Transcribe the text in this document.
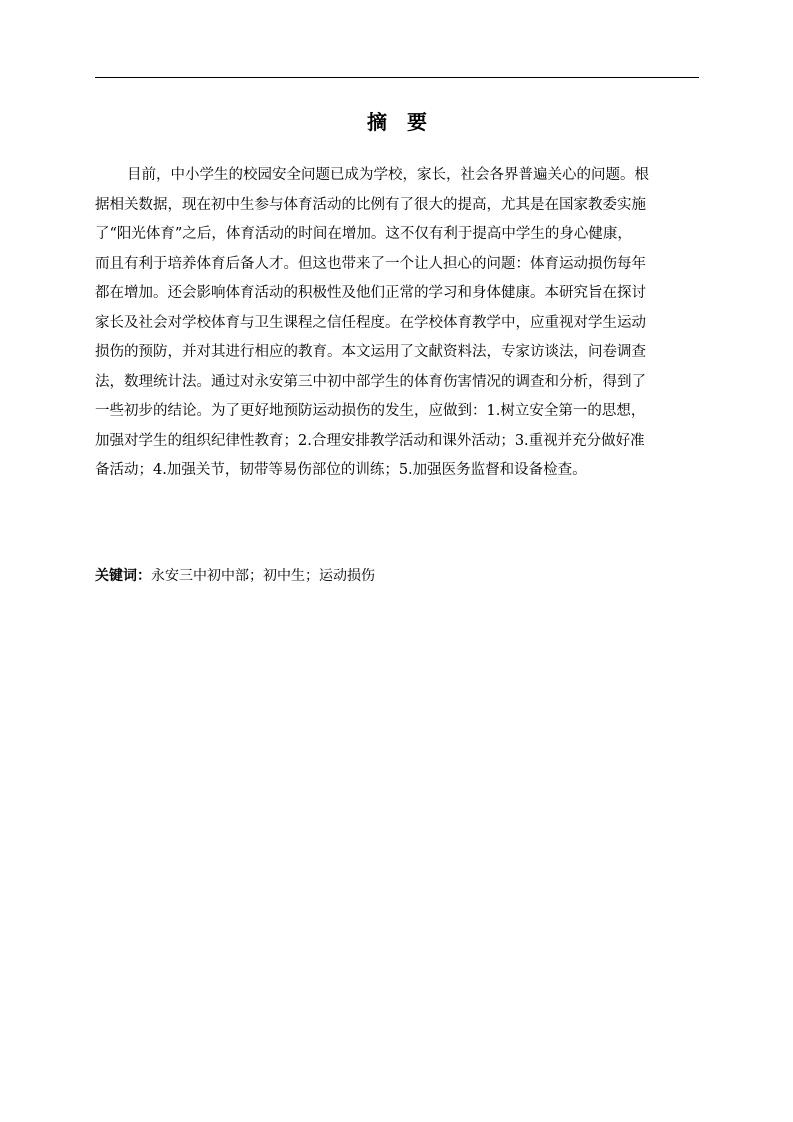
摘 要
目前，中小学生的校园安全问题已成为学校，家长，社会各界普遍关心的问题。根
据相关数据，现在初中生参与体育活动的比例有了很大的提高，尤其是在国家教委实施
了“阳光体育”之后，体育活动的时间在增加。这不仅有利于提高中学生的身心健康，
而且有利于培养体育后备人才。但这也带来了一个让人担心的问题：体育运动损伤每年
都在增加。还会影响体育活动的积极性及他们正常的学习和身体健康。本研究旨在探讨
家长及社会对学校体育与卫生课程之信任程度。在学校体育教学中，应重视对学生运动
损伤的预防，并对其进行相应的教育。本文运用了文献资料法，专家访谈法，问卷调查
法，数理统计法。通过对永安第三中初中部学生的体育伤害情况的调查和分析，得到了
一些初步的结论。为了更好地预防运动损伤的发生，应做到：1.树立安全第一的思想，
加强对学生的组织纪律性教育；2.合理安排教学活动和课外活动；3.重视并充分做好准
备活动；4.加强关节，韧带等易伤部位的训练；5.加强医务监督和设备检查。
关键词：永安三中初中部；初中生；运动损伤
